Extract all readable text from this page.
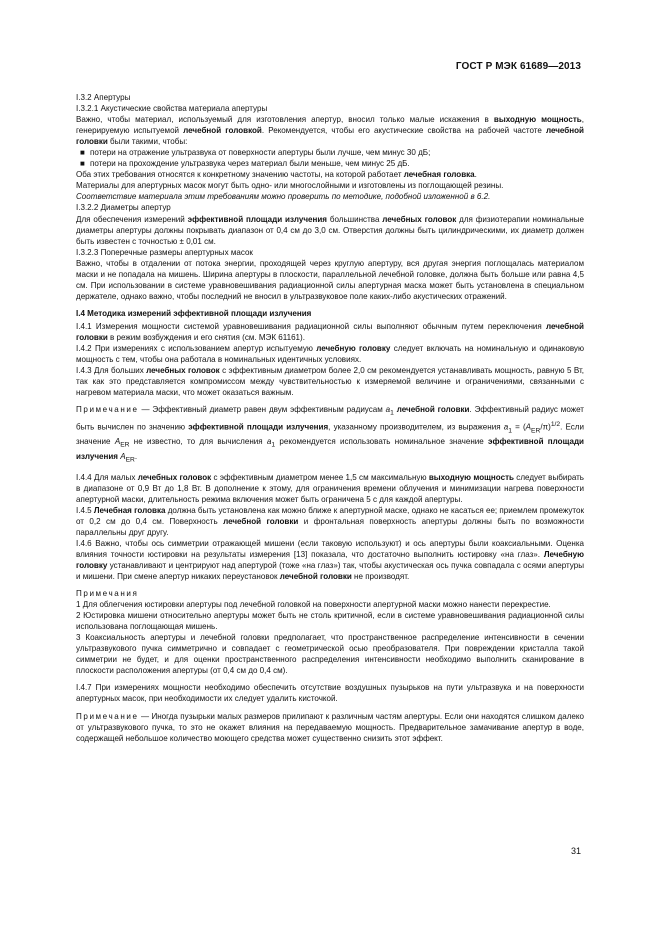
ГОСТ Р МЭК 61689—2013

I.3.2 Апертуры

I.3.2.1 Акустические свойства материала апертуры

Важно, чтобы материал, используемый для изготовления апертур, вносил только малые искажения в выходную мощность, генерируемую испытуемой лечебной головкой. Рекомендуется, чтобы его акустические свойства на рабочей частоте лечебной головки были такими, чтобы:

■ потери на отражение ультразвука от поверхности апертуры были лучше, чем минус 30 дБ;

■ потери на прохождение ультразвука через материал были меньше, чем минус 25 дБ.

Оба этих требования относятся к конкретному значению частоты, на которой работает лечебная головка.

Материалы для апертурных масок могут быть одно- или многослойными и изготовлены из поглощающей резины.

Соответствие материала этим требованиям можно проверить по методике, подобной изложенной в 6.2.

I.3.2.2 Диаметры апертур

Для обеспечения измерений эффективной площади излучения большинства лечебных головок для физиотерапии номинальные диаметры апертуры должны покрывать диапазон от 0,4 см до 3,0 см. Отверстия должны быть цилиндрическими, их диаметр должен быть известен с точностью ± 0,01 см.

I.3.2.3 Поперечные размеры апертурных масок

Важно, чтобы в отдалении от потока энергии, проходящей через круглую апертуру, вся другая энергия поглощалась материалом маски и не попадала на мишень. Ширина апертуры в плоскости, параллельной лечебной головке, должна быть больше или равна 4,5 см. При использовании в системе уравновешивания радиационной силы апертурная маска может быть установлена в специальном держателе, однако важно, чтобы последний не вносил в ультразвуковое поле каких-либо акустических отражений.

I.4 Методика измерений эффективной площади излучения

I.4.1 Измерения мощности системой уравновешивания радиационной силы выполняют обычным путем переключения лечебной головки в режим возбуждения и его снятия (см. МЭК 61161).

I.4.2 При измерениях с использованием апертур испытуемую лечебную головку следует включать на номинальную и одинаковую мощность с тем, чтобы она работала в номинальных идентичных условиях.

I.4.3 Для больших лечебных головок с эффективным диаметром более 2,0 см рекомендуется устанавливать мощность, равную 5 Вт, так как это представляется компромиссом между чувствительностью к измеряемой величине и ограничениями, связанными с нагревом материала маски, что может оказаться важным.

Примечание — Эффективный диаметр равен двум эффективным радиусам $a_1$ лечебной головки. Эффективный радиус может быть вычислен по значению эффективной площади излучения, указанному производителем, из выражения $a_1 = (A_{ER}/\pi)^{1/2}$. Если значение $A_{ER}$ не известно, то для вычисления $a_1$ рекомендуется использовать номинальное значение эффективной площади излучения $A_{ER}$.

I.4.4 Для малых лечебных головок с эффективным диаметром менее 1,5 см максимальную выходную мощность следует выбирать в диапазоне от 0,9 Вт до 1,8 Вт. В дополнение к этому, для ограничения времени облучения и минимизации нагрева поверхности апертурной маски, длительность режима включения может быть ограничена 5 с для каждой апертуры.

I.4.5 Лечебная головка должна быть установлена как можно ближе к апертурной маске, однако не касаться ее; приемлем промежуток от 0,2 см до 0,4 см. Поверхность лечебной головки и фронтальная поверхность апертуры должны быть по возможности параллельны друг другу.

I.4.6 Важно, чтобы ось симметрии отражающей мишени (если таковую используют) и ось апертуры были коаксиальными. Оценка влияния точности юстировки на результаты измерения [13] показала, что достаточно выполнить юстировку «на глаз». Лечебную головку устанавливают и центрируют над апертурой (тоже «на глаз») так, чтобы акустическая ось пучка совпадала с осями апертуры и мишени. При смене апертур никаких переустановок лечебной головки не производят.

Примечания

1 Для облегчения юстировки апертуры под лечебной головкой на поверхности апертурной маски можно нанести перекрестие.

2 Юстировка мишени относительно апертуры может быть не столь критичной, если в системе уравновешивания радиационной силы использована поглощающая мишень.

3 Коаксиальность апертуры и лечебной головки предполагает, что пространственное распределение интенсивности в сечении ультразвукового пучка симметрично и совпадает с геометрической осью преобразователя. При повреждении кристалла такой симметрии не будет, и для оценки пространственного распределения интенсивности необходимо выполнить сканирование в плоскости расположения апертуры (от 0,4 см до 0,4 см).

I.4.7 При измерениях мощности необходимо обеспечить отсутствие воздушных пузырьков на пути ультразвука и на поверхности апертурных масок, при необходимости их следует удалить кисточкой.

Примечание — Иногда пузырьки малых размеров прилипают к различным частям апертуры. Если они находятся слишком далеко от ультразвукового пучка, то это не окажет влияния на передаваемую мощность. Предварительное замачивание апертур в воде, содержащей небольшое количество моющего средства может существенно снизить этот эффект.

31
